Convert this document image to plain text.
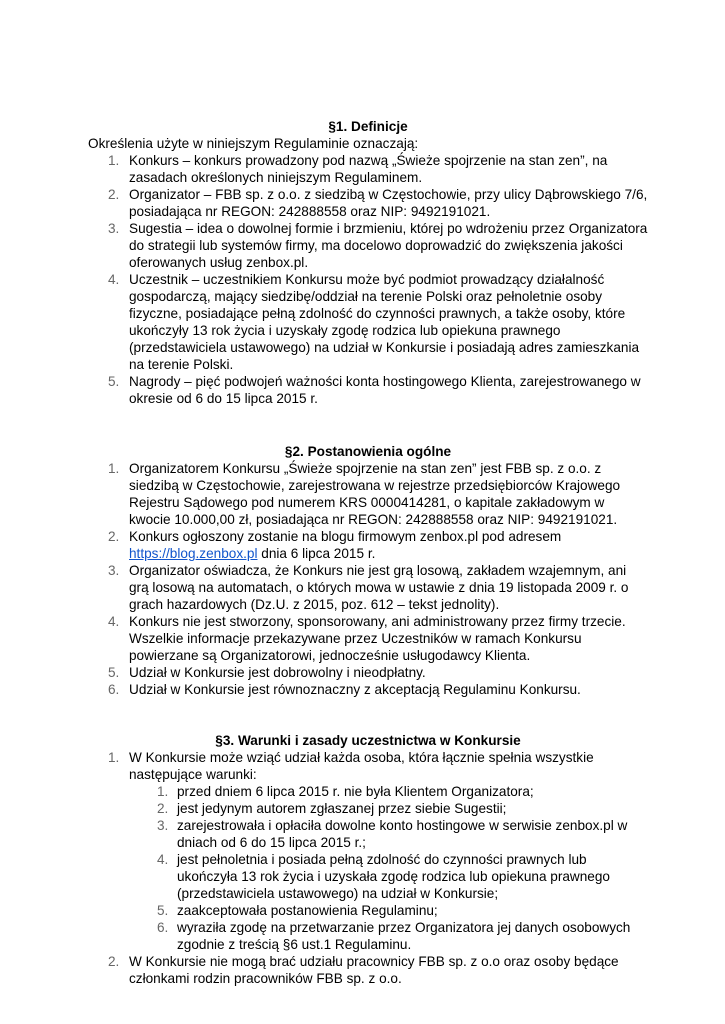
§1. Definicje

Określenia użyte w niniejszym Regulaminie oznaczają:

1. Konkurs – konkurs prowadzony pod nazwą „Świeże spojrzenie na stan zen”, na zasadach określonych niniejszym Regulaminem.
2. Organizator – FBB sp. z o.o. z siedzibą w Częstochowie, przy ulicy Dąbrowskiego 7/6, posiadająca nr REGON: 242888558 oraz NIP: 9492191021.
3. Sugestia – idea o dowolnej formie i brzmieniu, której po wdrożeniu przez Organizatora do strategii lub systemów firmy, ma docelowo doprowadzić do zwiększenia jakości oferowanych usług zenbox.pl.
4. Uczestnik – uczestnikiem Konkursu może być podmiot prowadzący działalność gospodarczą, mający siedzibę/oddział na terenie Polski oraz pełnoletnie osoby fizyczne, posiadające pełną zdolność do czynności prawnych, a także osoby, które ukończyły 13 rok życia i uzyskały zgodę rodzica lub opiekuna prawnego (przedstawiciela ustawowego) na udział w Konkursie i posiadają adres zamieszkania na terenie Polski.
5. Nagrody – pięć podwojeń ważności konta hostingowego Klienta, zarejestrowanego w okresie od 6 do 15 lipca 2015 r.
§2. Postanowienia ogólne
1. Organizatorem Konkursu „Świeże spojrzenie na stan zen” jest FBB sp. z o.o. z siedzibą w Częstochowie, zarejestrowana w rejestrze przedsiębiorców Krajowego Rejestru Sądowego pod numerem KRS 0000414281, o kapitale zakładowym w kwocie 10.000,00 zł, posiadająca nr REGON: 242888558 oraz NIP: 9492191021.
2. Konkurs ogłoszony zostanie na blogu firmowym zenbox.pl pod adresem https://blog.zenbox.pl dnia 6 lipca 2015 r.
3. Organizator oświadcza, że Konkurs nie jest grą losową, zakładem wzajemnym, ani grą losową na automatach, o których mowa w ustawie z dnia 19 listopada 2009 r. o grach hazardowych (Dz.U. z 2015, poz. 612 – tekst jednolity).
4. Konkurs nie jest stworzony, sponsorowany, ani administrowany przez firmy trzecie. Wszelkie informacje przekazywane przez Uczestników w ramach Konkursu powierzane są Organizatorowi, jednocześnie usługodawcy Klienta.
5. Udział w Konkursie jest dobrowolny i nieodpłatny.
6. Udział w Konkursie jest równoznaczny z akceptacją Regulaminu Konkursu.
§3. Warunki i zasady uczestnictwa w Konkursie
1. W Konkursie może wziąć udział każda osoba, która łącznie spełnia wszystkie następujące warunki:
1. przed dniem 6 lipca 2015 r. nie była Klientem Organizatora;
2. jest jedynym autorem zgłaszanej przez siebie Sugestii;
3. zarejestrowała i opłaciła dowolne konto hostingowe w serwisie zenbox.pl w dniach od 6 do 15 lipca 2015 r.;
4. jest pełnoletnia i posiada pełną zdolność do czynności prawnych lub ukończyła 13 rok życia i uzyskała zgodę rodzica lub opiekuna prawnego (przedstawiciela ustawowego) na udział w Konkursie;
5. zaakceptowała postanowienia Regulaminu;
6. wyraziła zgodę na przetwarzanie przez Organizatora jej danych osobowych zgodnie z treścią §6 ust.1 Regulaminu.
2. W Konkursie nie mogą brać udziału pracownicy FBB sp. z o.o oraz osoby będące członkami rodzin pracowników FBB sp. z o.o.
